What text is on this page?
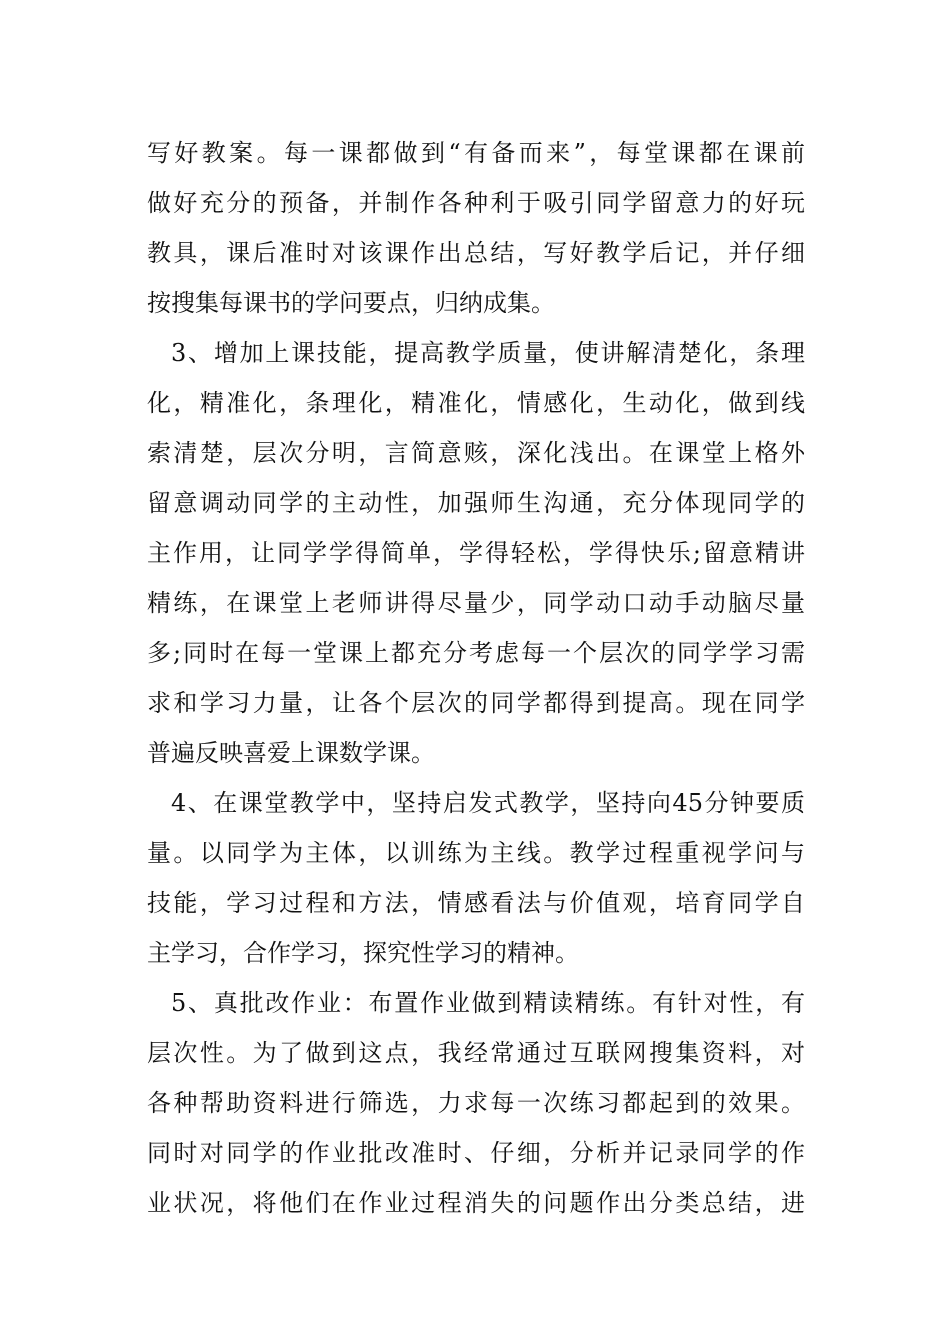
写好教案。每一课都做到“有备而来”，每堂课都在课前
做好充分的预备，并制作各种利于吸引同学留意力的好玩
教具，课后准时对该课作出总结，写好教学后记，并仔细
按搜集每课书的学问要点，归纳成集。
3、增加上课技能，提高教学质量，使讲解清楚化，条理
化，精准化，条理化，精准化，情感化，生动化，做到线
索清楚，层次分明，言简意赅，深化浅出。在课堂上格外
留意调动同学的主动性，加强师生沟通，充分体现同学的
主作用，让同学学得简单，学得轻松，学得快乐;留意精讲
精练，在课堂上老师讲得尽量少，同学动口动手动脑尽量
多;同时在每一堂课上都充分考虑每一个层次的同学学习需
求和学习力量，让各个层次的同学都得到提高。现在同学
普遍反映喜爱上课数学课。
4、在课堂教学中，坚持启发式教学，坚持向45分钟要质
量。以同学为主体，以训练为主线。教学过程重视学问与
技能，学习过程和方法，情感看法与价值观，培育同学自
主学习，合作学习，探究性学习的精神。
5、真批改作业：布置作业做到精读精练。有针对性，有
层次性。为了做到这点，我经常通过互联网搜集资料，对
各种帮助资料进行筛选，力求每一次练习都起到的效果。
同时对同学的作业批改准时、仔细，分析并记录同学的作
业状况，将他们在作业过程消失的问题作出分类总结，进
